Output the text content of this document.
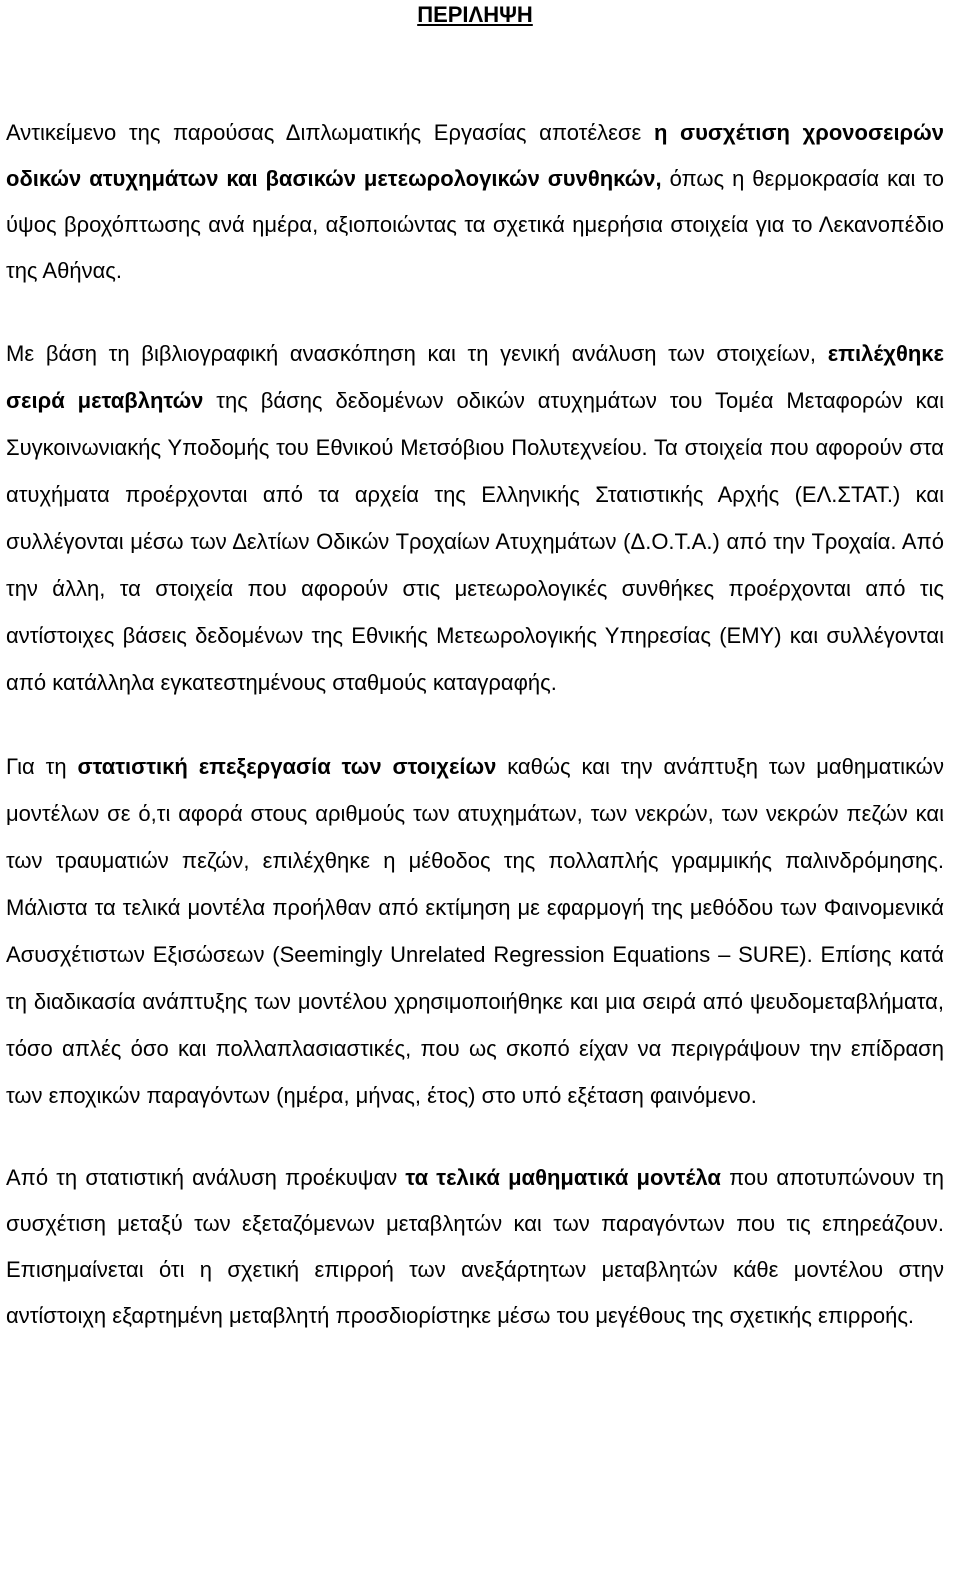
ΠΕΡΙΛΗΨΗ

Αντικείμενο της παρούσας Διπλωματικής Εργασίας αποτέλεσε η συσχέτιση χρονοσειρών οδικών ατυχημάτων και βασικών μετεωρολογικών συνθηκών, όπως η θερμοκρασία και το ύψος βροχόπτωσης ανά ημέρα, αξιοποιώντας τα σχετικά ημερήσια στοιχεία για το Λεκανοπέδιο της Αθήνας.

Με βάση τη βιβλιογραφική ανασκόπηση και τη γενική ανάλυση των στοιχείων, επιλέχθηκε σειρά μεταβλητών της βάσης δεδομένων οδικών ατυχημάτων του Τομέα Μεταφορών και Συγκοινωνιακής Υποδομής του Εθνικού Μετσόβιου Πολυτεχνείου. Τα στοιχεία που αφορούν στα ατυχήματα προέρχονται από τα αρχεία της Ελληνικής Στατιστικής Αρχής (ΕΛ.ΣΤΑΤ.) και συλλέγονται μέσω των Δελτίων Οδικών Τροχαίων Ατυχημάτων (Δ.Ο.Τ.Α.) από την Τροχαία. Από την άλλη, τα στοιχεία που αφορούν στις μετεωρολογικές συνθήκες προέρχονται από τις αντίστοιχες βάσεις δεδομένων της Εθνικής Μετεωρολογικής Υπηρεσίας (ΕΜΥ) και συλλέγονται από κατάλληλα εγκατεστημένους σταθμούς καταγραφής.

Για τη στατιστική επεξεργασία των στοιχείων καθώς και την ανάπτυξη των μαθηματικών μοντέλων σε ό,τι αφορά στους αριθμούς των ατυχημάτων, των νεκρών, των νεκρών πεζών και των τραυματιών πεζών, επιλέχθηκε η μέθοδος της πολλαπλής γραμμικής παλινδρόμησης. Μάλιστα τα τελικά μοντέλα προήλθαν από εκτίμηση με εφαρμογή της μεθόδου των Φαινομενικά Ασυσχέτιστων Εξισώσεων (Seemingly Unrelated Regression Equations – SURE). Επίσης κατά τη διαδικασία ανάπτυξης των μοντέλου χρησιμοποιήθηκε και μια σειρά από ψευδομεταβλήματα, τόσο απλές όσο και πολλαπλασιαστικές, που ως σκοπό είχαν να περιγράψουν την επίδραση των εποχικών παραγόντων (ημέρα, μήνας, έτος) στο υπό εξέταση φαινόμενο.

Από τη στατιστική ανάλυση προέκυψαν τα τελικά μαθηματικά μοντέλα που αποτυπώνουν τη συσχέτιση μεταξύ των εξεταζόμενων μεταβλητών και των παραγόντων που τις επηρεάζουν. Επισημαίνεται ότι η σχετική επιρροή των ανεξάρτητων μεταβλητών κάθε μοντέλου στην αντίστοιχη εξαρτημένη μεταβλητή προσδιορίστηκε μέσω του μεγέθους της σχετικής επιρροής.
